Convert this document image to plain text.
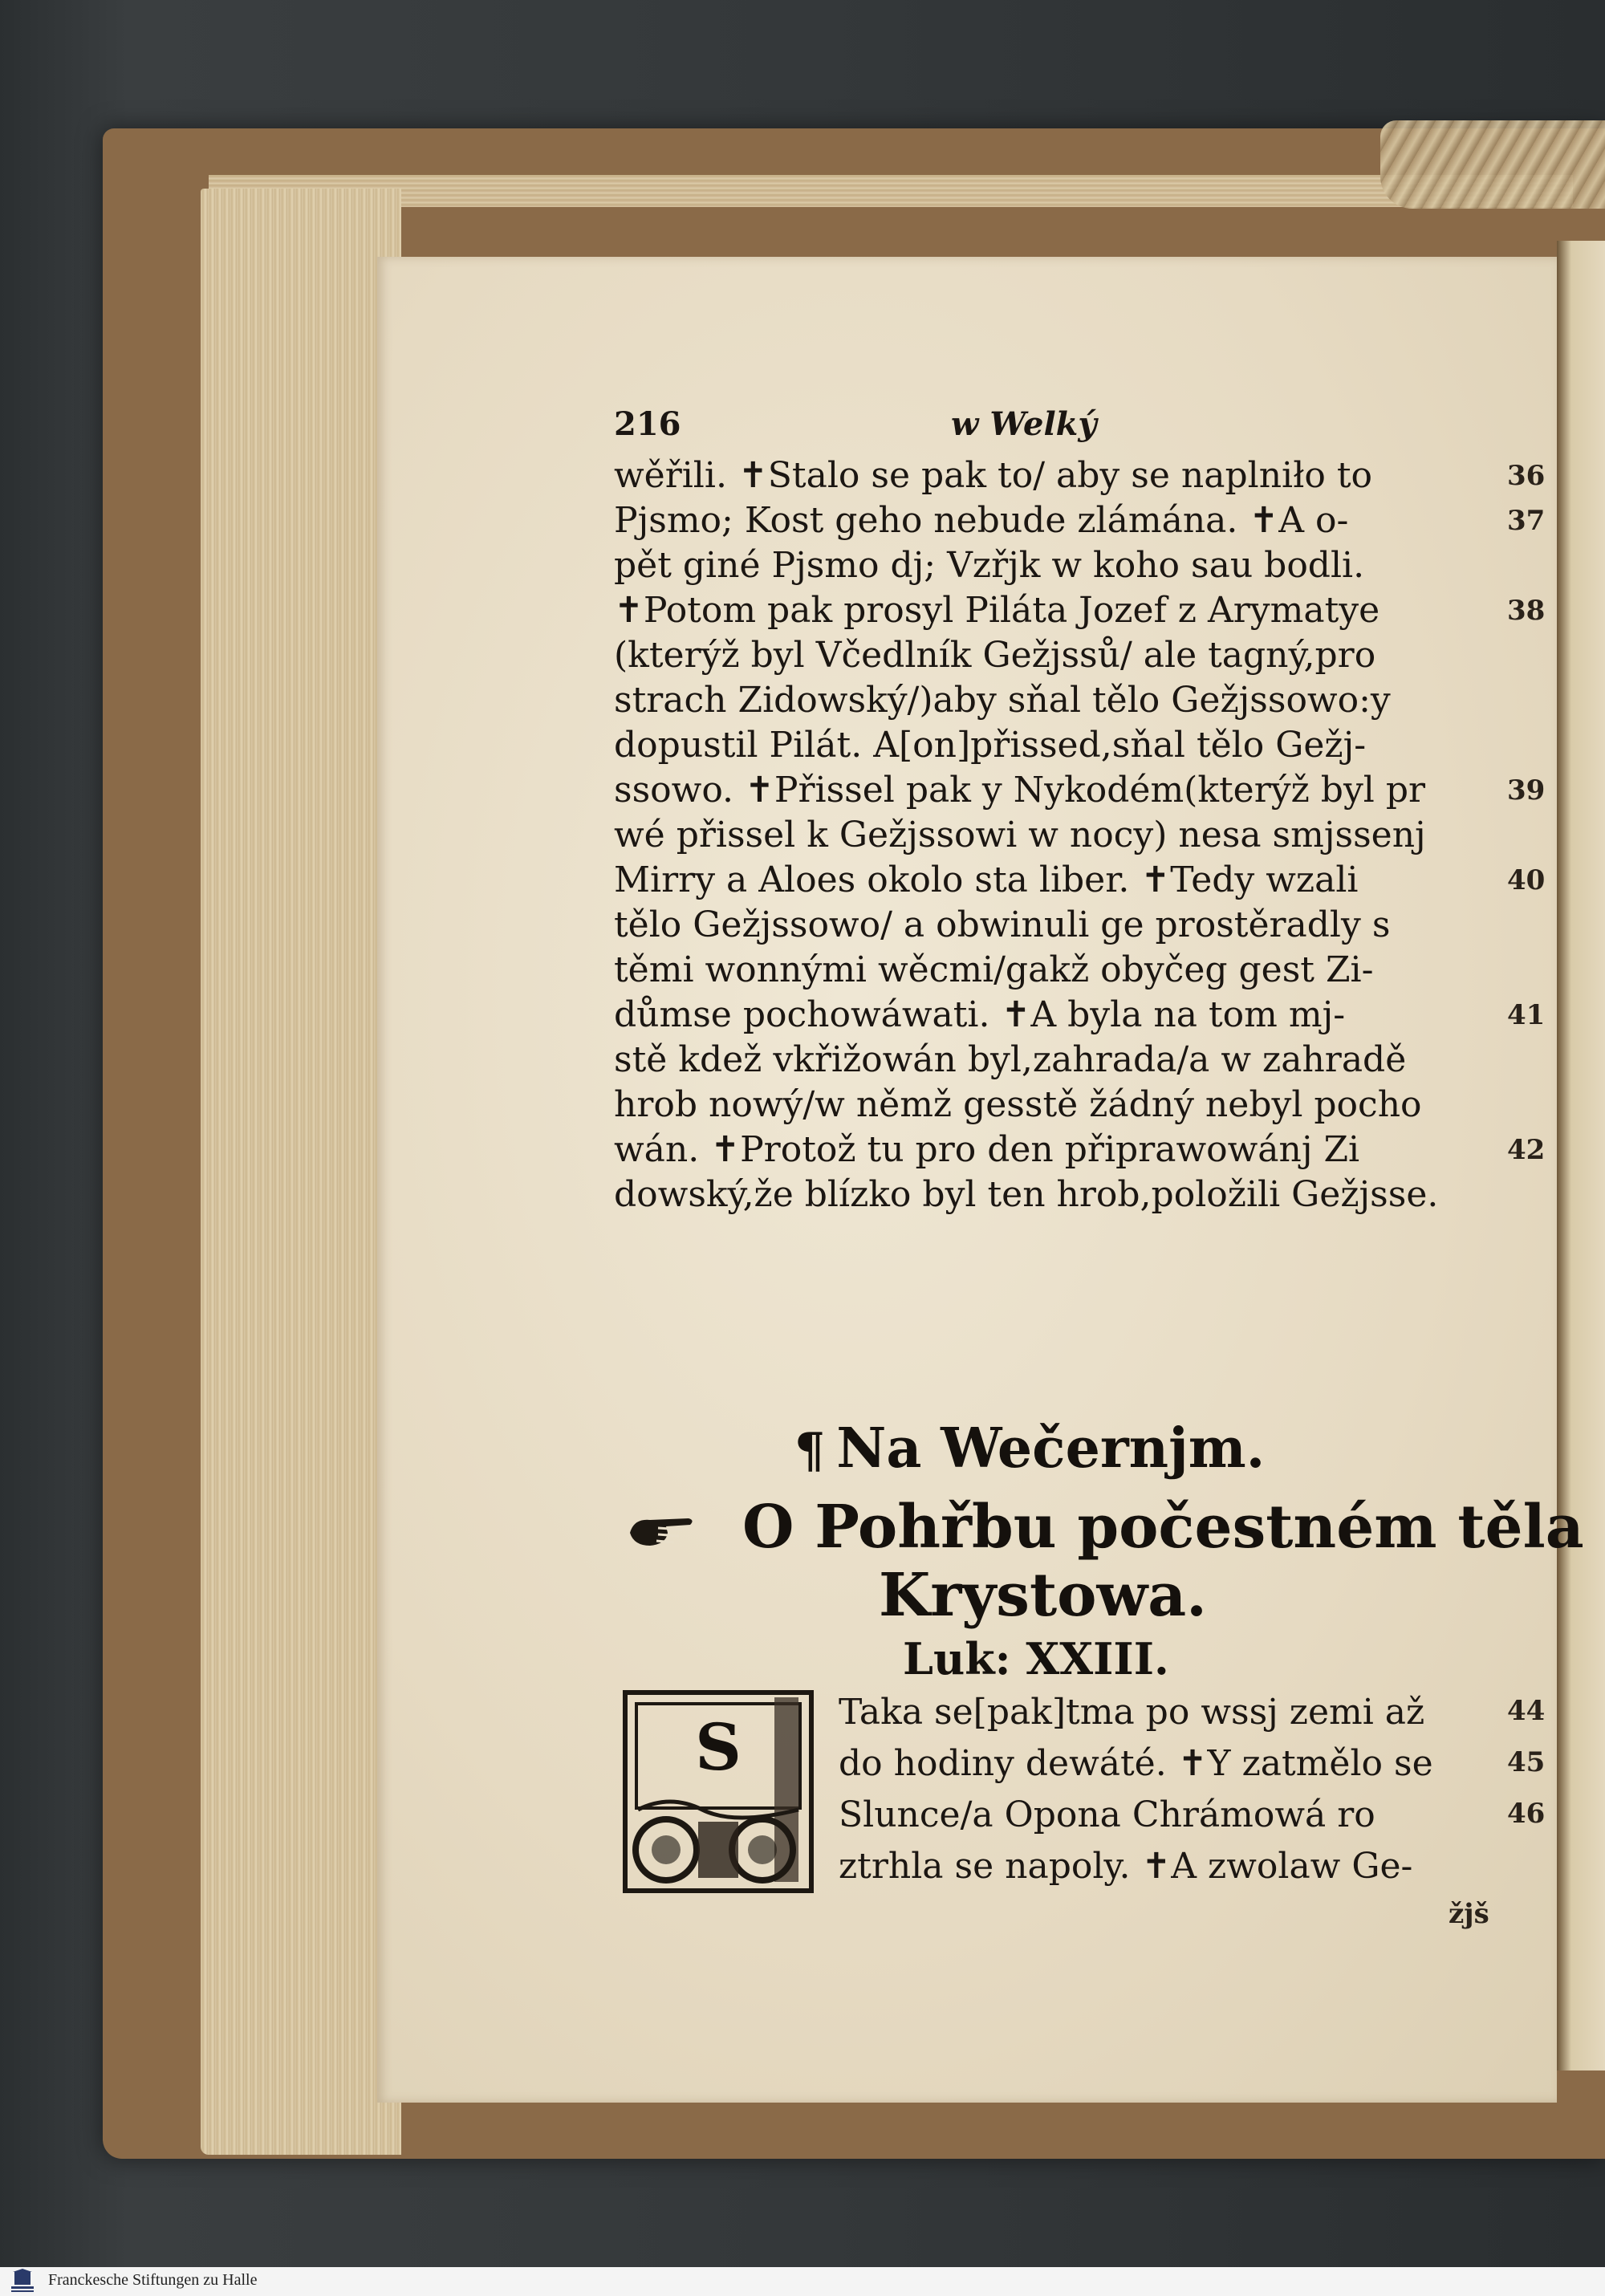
216	w Welký
wěřili. ✝Stalo se pak to/ aby se naplniło to
Pjsmo; Kost geho nebude zlámána. ✝A o-
pět giné Pjsmo dj; Vzřjk w koho sau bodli.
✝Potom pak prosyl Piláta Jozef z Arymatye
(kterýž byl Včedlník Gežjssů/ ale tagný,pro
strach Zidowský/)aby sňal tělo Gežjssowo:y
dopustil Pilát. A[on]přissed,sňal tělo Gežj-
ssowo. ✝Přissel pak y Nykodém(kterýž byl pr
wé přissel k Gežjssowi w nocy) nesa smjssenj
Mirry a Aloes okolo sta liber. ✝Tedy wzali
tělo Gežjssowo/ a obwinuli ge prostěradly s
těmi wonnými wěcmi/gakž obyčeg gest Zi-
důmse pochowáwati. ✝A byla na tom mj-
stě kdež vkřižowán byl,zahrada/a w zahradě
hrob nowý/w němž gesstě žádný nebyl pocho
wán. ✝Protož tu pro den připrawowánj Zi
dowský,že blízko byl ten hrob,položili Gežjsse.
36
37
38
39
40
41
42
¶ Na Wečernjm.
O Pohřbu počestném těla
Krystowa.
Luk: XXIII.
S	Taka se[pak]tma po wssj zemi až
do hodiny dewáté. ✝Y zatmělo se
Slunce/a Opona Chrámowá ro
ztrhla se napoly. ✝A zwolaw Ge-
žjš
Franckesche Stiftungen zu Halle
44
45
46
